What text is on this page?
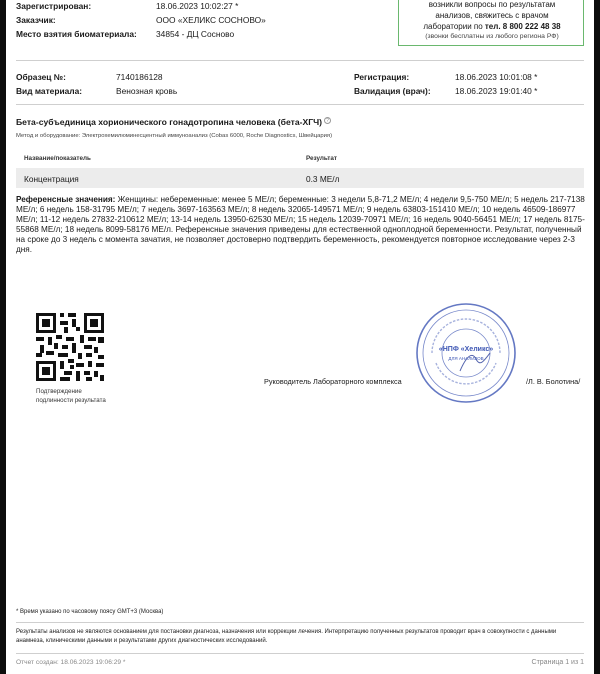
Зарегистрирован:	18.06.2023 10:02:27 *
Заказчик:	ООО «ХЕЛИКС СОСНОВО»
Место взятия биоматериала: 34854 - ДЦ Сосново
возникли вопросы по результатам
анализов, свяжитесь с врачом
лаборатории по тел. 8 800 222 48 38
(звонки бесплатны из любого региона РФ)
Образец №:	7140186128
Вид материала:	Венозная кровь
Регистрация:	18.06.2023 10:01:08 *
Валидация (врач):	18.06.2023 19:01:40 *
Бета-субъединица хорионического гонадотропина человека (бета-ХГЧ) ?
Метод и оборудование: Электрохемилюминесцентный иммуноанализ (Cobas 6000, Roche Diagnostics, Швейцария)
Название/показатель	Результат
Концентрация	0.3 МЕ/л
Референсные значения: Женщины: небеременные: менее 5 МЕ/л; беременные: 3 недели 5,8-71,2 МЕ/л; 4 недели 9,5-750 МЕ/л; 5 недель 217-7138 МЕ/л; 6 недель 158-31795 МЕ/л; 7 недель 3697-163563 МЕ/л; 8 недель 32065-149571 МЕ/л; 9 недель 63803-151410 МЕ/л; 10 недель 46509-186977 МЕ/л; 11-12 недель 27832-210612 МЕ/л; 13-14 недель 13950-62530 МЕ/л; 15 недель 12039-70971 МЕ/л; 16 недель 9040-56451 МЕ/л; 17 недель 8175-55868 МЕ/л; 18 недель 8099-58176 МЕ/л. Референсные значения приведены для естественной одноплодной беременности. Результат, полученный на сроке до 3 недель с момента зачатия, не позволяет достоверно подтвердить беременность, рекомендуется повторное исследование через 2-3 дня.
Подтверждение
подлинности результата
«НПФ «Хеликс»
ДЛЯ АНАЛИЗОВ
Руководитель Лабораторного комплекса	/Л. В. Болотина/
* Время указано по часовому поясу GMT+3 (Москва)
Результаты анализов не являются основанием для постановки диагноза, назначения или коррекции лечения. Интерпретацию полученных результатов проводит врач в совокупности с данными анамнеза, клиническими данными и результатами других диагностических исследований.
Отчет создан: 18.06.2023 19:06:29 *	Страница 1 из 1
